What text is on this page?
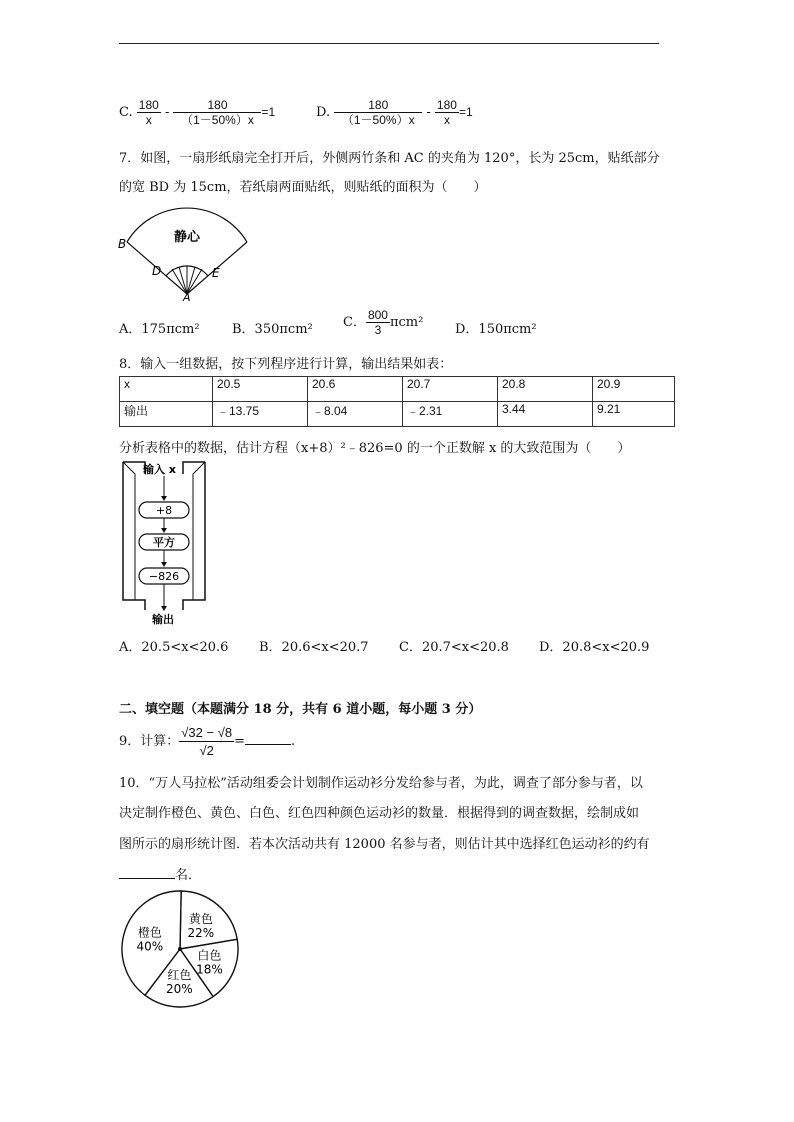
C. $\frac{180}{x} - \frac{180}{(1-50\%)x} =1$	D. $\frac{180}{(1-50\%)x} - \frac{180}{x} =1$
7．如图，一扇形纸扇完全打开后，外侧两竹条和 AC 的夹角为 120°，长为 25cm，贴纸部分
的宽 BD 为 15cm，若纸扇两面贴纸，则贴纸的面积为（　　）
静心
B
D	E
A
A．175πcm² B．350πcm² C． $\frac{800}{3} \pi cm^2$ D．150πcm²
8．输入一组数据，按下列程序进行计算，输出结果如表：
x	20.5	20.6	20.7	20.8	20.9
输出	﹣13.75	﹣8.04	﹣2.31	3.44	9.21
分析表格中的数据，估计方程（x+8）²﹣826=0 的一个正数解 x 的大致范围为（　　）
输入 x
+8
平方
−826
输出
A．20.5<x<20.6 B．20.6<x<20.7 C．20.7<x<20.8 D．20.8<x<20.9
二、填空题（本题满分 18 分，共有 6 道小题，每小题 3 分）
9．计算： $\frac{√32 - √8}{√2}$ =	.
10．“万人马拉松”活动组委会计划制作运动衫分发给参与者，为此，调查了部分参与者，以
决定制作橙色、黄色、白色、红色四种颜色运动衫的数量．根据得到的调查数据，绘制成如
图所示的扇形统计图．若本次活动共有 12000 名参与者，则估计其中选择红色运动衫的约有
名．
橙色
40%
黄色
22%
白色
18%
红色
20%
